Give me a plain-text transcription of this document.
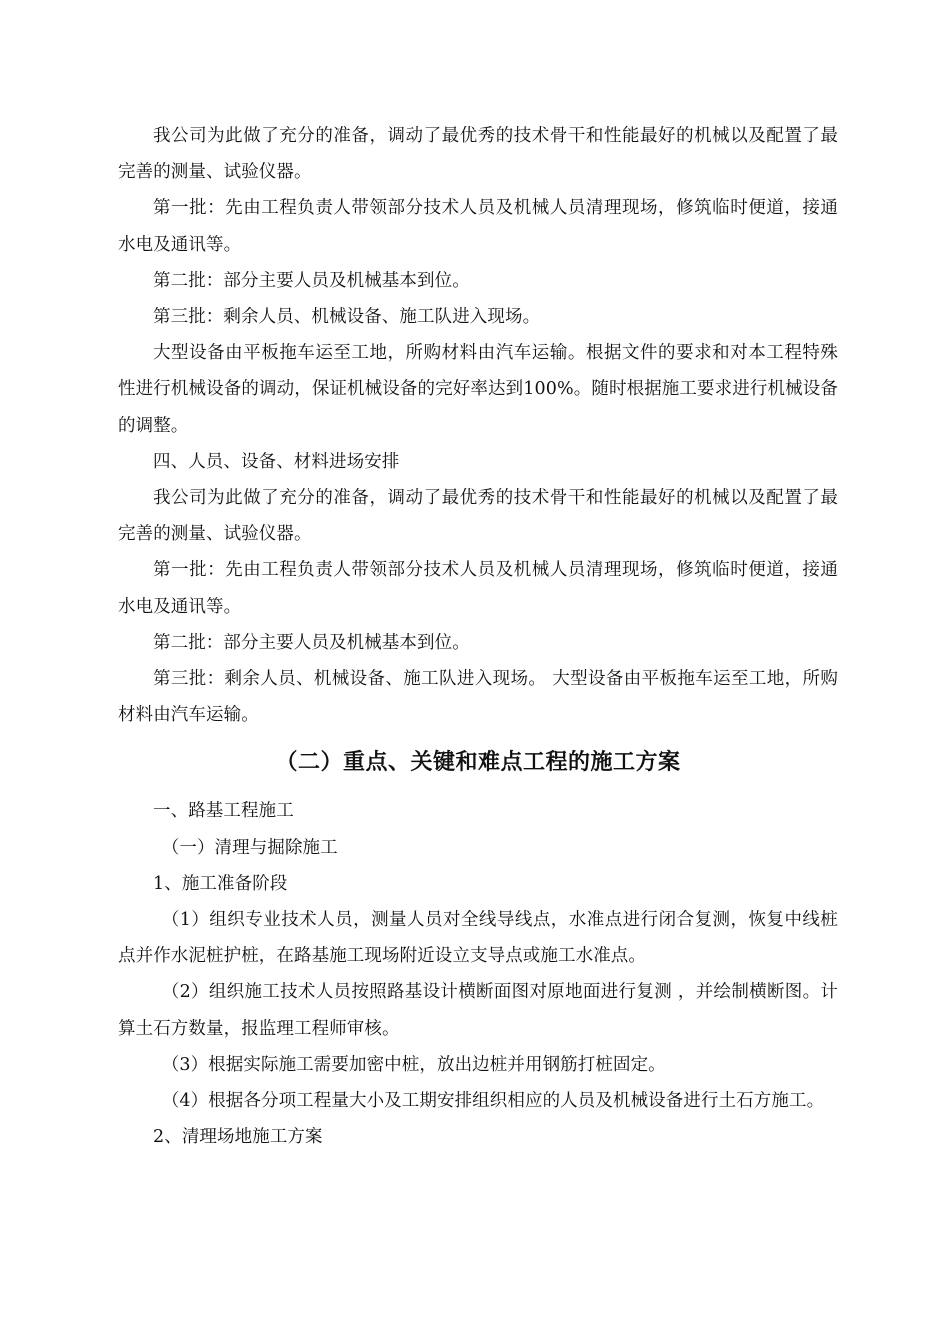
我公司为此做了充分的准备，调动了最优秀的技术骨干和性能最好的机械以及配置了最完善的测量、试验仪器。

第一批：先由工程负责人带领部分技术人员及机械人员清理现场，修筑临时便道，接通水电及通讯等。

第二批：部分主要人员及机械基本到位。

第三批：剩余人员、机械设备、施工队进入现场。

大型设备由平板拖车运至工地，所购材料由汽车运输。根据文件的要求和对本工程特殊性进行机械设备的调动，保证机械设备的完好率达到100%。随时根据施工要求进行机械设备的调整。

四、人员、设备、材料进场安排

我公司为此做了充分的准备，调动了最优秀的技术骨干和性能最好的机械以及配置了最完善的测量、试验仪器。

第一批：先由工程负责人带领部分技术人员及机械人员清理现场，修筑临时便道，接通水电及通讯等。

第二批：部分主要人员及机械基本到位。

第三批：剩余人员、机械设备、施工队进入现场。 大型设备由平板拖车运至工地，所购材料由汽车运输。

（二）重点、关键和难点工程的施工方案

一、路基工程施工

（一）清理与掘除施工

1、施工准备阶段

（1）组织专业技术人员，测量人员对全线导线点，水准点进行闭合复测，恢复中线桩点并作水泥桩护桩，在路基施工现场附近设立支导点或施工水准点。

（2）组织施工技术人员按照路基设计横断面图对原地面进行复测 ，并绘制横断图。计算土石方数量，报监理工程师审核。

（3）根据实际施工需要加密中桩，放出边桩并用钢筋打桩固定。

（4）根据各分项工程量大小及工期安排组织相应的人员及机械设备进行土石方施工。

2、清理场地施工方案
